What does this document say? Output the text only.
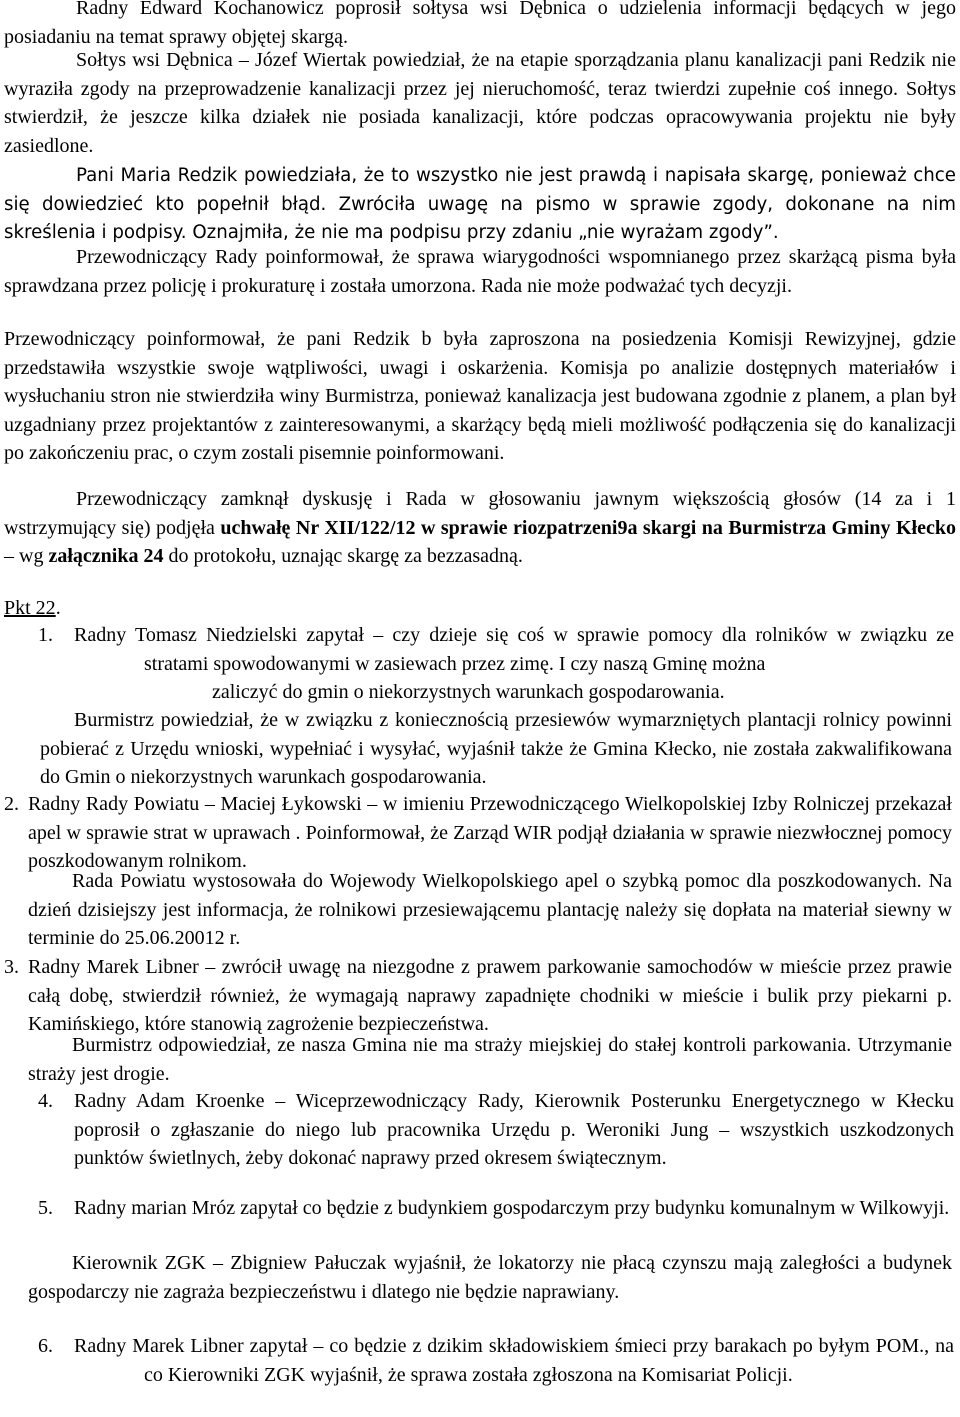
Radny Edward Kochanowicz poprosił sołtysa wsi Dębnica o udzielenia informacji będących w jego posiadaniu na temat sprawy objętej skargą.

Sołtys wsi Dębnica – Józef Wiertak powiedział, że na etapie sporządzania planu kanalizacji pani Redzik nie wyraziła zgody na przeprowadzenie kanalizacji przez jej nieruchomość, teraz twierdzi zupełnie coś innego. Sołtys stwierdził, że jeszcze kilka działek nie posiada kanalizacji, które podczas opracowywania projektu nie były zasiedlone.

Pani Maria Redzik powiedziała, że to wszystko nie jest prawdą i napisała skargę, ponieważ chce się dowiedzieć kto popełnił błąd. Zwróciła uwagę na pismo w sprawie zgody, dokonane na nim skreślenia i podpisy. Oznajmiła, że nie ma podpisu przy zdaniu „nie wyrażam zgody”.

Przewodniczący Rady poinformował, że sprawa wiarygodności wspomnianego przez skarżącą pisma była sprawdzana przez policję i prokuraturę i została umorzona. Rada nie może podważać tych decyzji.

Przewodniczący poinformował, że pani Redzik b była zaproszona na posiedzenia Komisji Rewizyjnej, gdzie przedstawiła wszystkie swoje wątpliwości, uwagi i oskarżenia. Komisja po analizie dostępnych materiałów i wysłuchaniu stron nie stwierdziła winy Burmistrza, ponieważ kanalizacja jest budowana zgodnie z planem, a plan był uzgadniany przez projektantów z zainteresowanymi, a skarżący będą mieli możliwość podłączenia się do kanalizacji po zakończeniu prac, o czym zostali pisemnie poinformowani.

Przewodniczący zamknął dyskusję i Rada w głosowaniu jawnym większością głosów (14 za i 1 wstrzymujący się) podjęła uchwałę Nr XII/122/12 w sprawie riozpatrzeni9a skargi na Burmistrza Gminy Kłecko – wg załącznika 24 do protokołu, uznając skargę za bezzasadną.

Pkt 22.

1. Radny Tomasz Niedzielski zapytał – czy dzieje się coś w sprawie pomocy dla rolników w związku ze stratami spowodowanymi w zasiewach przez zimę. I czy naszą Gminę można

zaliczyć do gmin o niekorzystnych warunkach gospodarowania.

Burmistrz powiedział, że w związku z koniecznością przesiewów wymarzniętych plantacji rolnicy powinni pobierać z Urzędu wnioski, wypełniać i wysyłać, wyjaśnił także że Gmina Kłecko, nie została zakwalifikowana do Gmin o niekorzystnych warunkach gospodarowania.

2. Radny Rady Powiatu – Maciej Łykowski – w imieniu Przewodniczącego Wielkopolskiej Izby Rolniczej przekazał apel w sprawie strat w uprawach . Poinformował, że Zarząd WIR podjął działania w sprawie niezwłocznej pomocy poszkodowanym rolnikom.

Rada Powiatu wystosowała do Wojewody Wielkopolskiego apel o szybką pomoc dla poszkodowanych. Na dzień dzisiejszy jest informacja, że rolnikowi przesiewającemu plantację należy się dopłata na materiał siewny w terminie do 25.06.20012 r.

3. Radny Marek Libner – zwrócił uwagę na niezgodne z prawem parkowanie samochodów w mieście przez prawie całą dobę, stwierdził również, że wymagają naprawy zapadnięte chodniki w mieście i bulik przy piekarni p. Kamińskiego, które stanowią zagrożenie bezpieczeństwa.

Burmistrz odpowiedział, ze nasza Gmina nie ma straży miejskiej do stałej kontroli parkowania. Utrzymanie straży jest drogie.

4. Radny Adam Kroenke – Wiceprzewodniczący Rady, Kierownik Posterunku Energetycznego w Kłecku poprosił o zgłaszanie do niego lub pracownika Urzędu p. Weroniki Jung – wszystkich uszkodzonych punktów świetlnych, żeby dokonać naprawy przed okresem świątecznym.

5. Radny marian Mróz zapytał co będzie z budynkiem gospodarczym przy budynku komunalnym w Wilkowyji.

Kierownik ZGK – Zbigniew Pałuczak wyjaśnił, że lokatorzy nie płacą czynszu mają zaległości a budynek gospodarczy nie zagraża bezpieczeństwu i dlatego nie będzie naprawiany.

6. Radny Marek Libner zapytał – co będzie z dzikim składowiskiem śmieci przy barakach po byłym POM., na co Kierowniki ZGK wyjaśnił, że sprawa została zgłoszona na Komisariat Policji.
